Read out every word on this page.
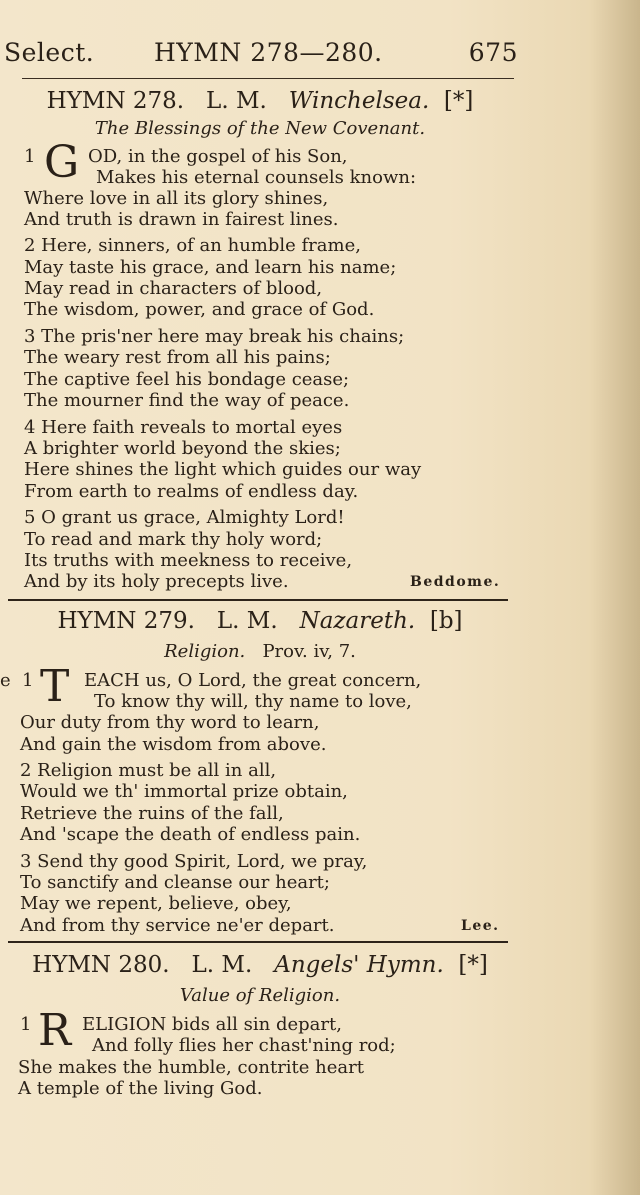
Select. HYMN 278—280.	675
HYMN 278. L. M. Winchelsea. [*]
The Blessings of the New Covenant.
1 G OD, in the gospel of his Son,
Makes his eternal counsels known:
Where love in all its glory shines,
And truth is drawn in fairest lines.
2 Here, sinners, of an humble frame,
May taste his grace, and learn his name;
May read in characters of blood,
The wisdom, power, and grace of God.
3 The pris'ner here may break his chains;
The weary rest from all his pains;
The captive feel his bondage cease;
The mourner find the way of peace.
4 Here faith reveals to mortal eyes
A brighter world beyond the skies;
Here shines the light which guides our way
From earth to realms of endless day.
5 O grant us grace, Almighty Lord!
To read and mark thy holy word;
Its truths with meekness to receive,
And by its holy precepts live.	Beddome.
HYMN 279. L. M. Nazareth. [b]
Religion. Prov. iv, 7.
e 1 T EACH us, O Lord, the great concern,
To know thy will, thy name to love,
Our duty from thy word to learn,
And gain the wisdom from above.
2 Religion must be all in all,
Would we th' immortal prize obtain,
Retrieve the ruins of the fall,
And 'scape the death of endless pain.
3 Send thy good Spirit, Lord, we pray,
To sanctify and cleanse our heart;
May we repent, believe, obey,
And from thy service ne'er depart.	Lee.
HYMN 280. L. M. Angels' Hymn. [*]
Value of Religion.
1 R ELIGION bids all sin depart,
And folly flies her chast'ning rod;
She makes the humble, contrite heart
A temple of the living God.
